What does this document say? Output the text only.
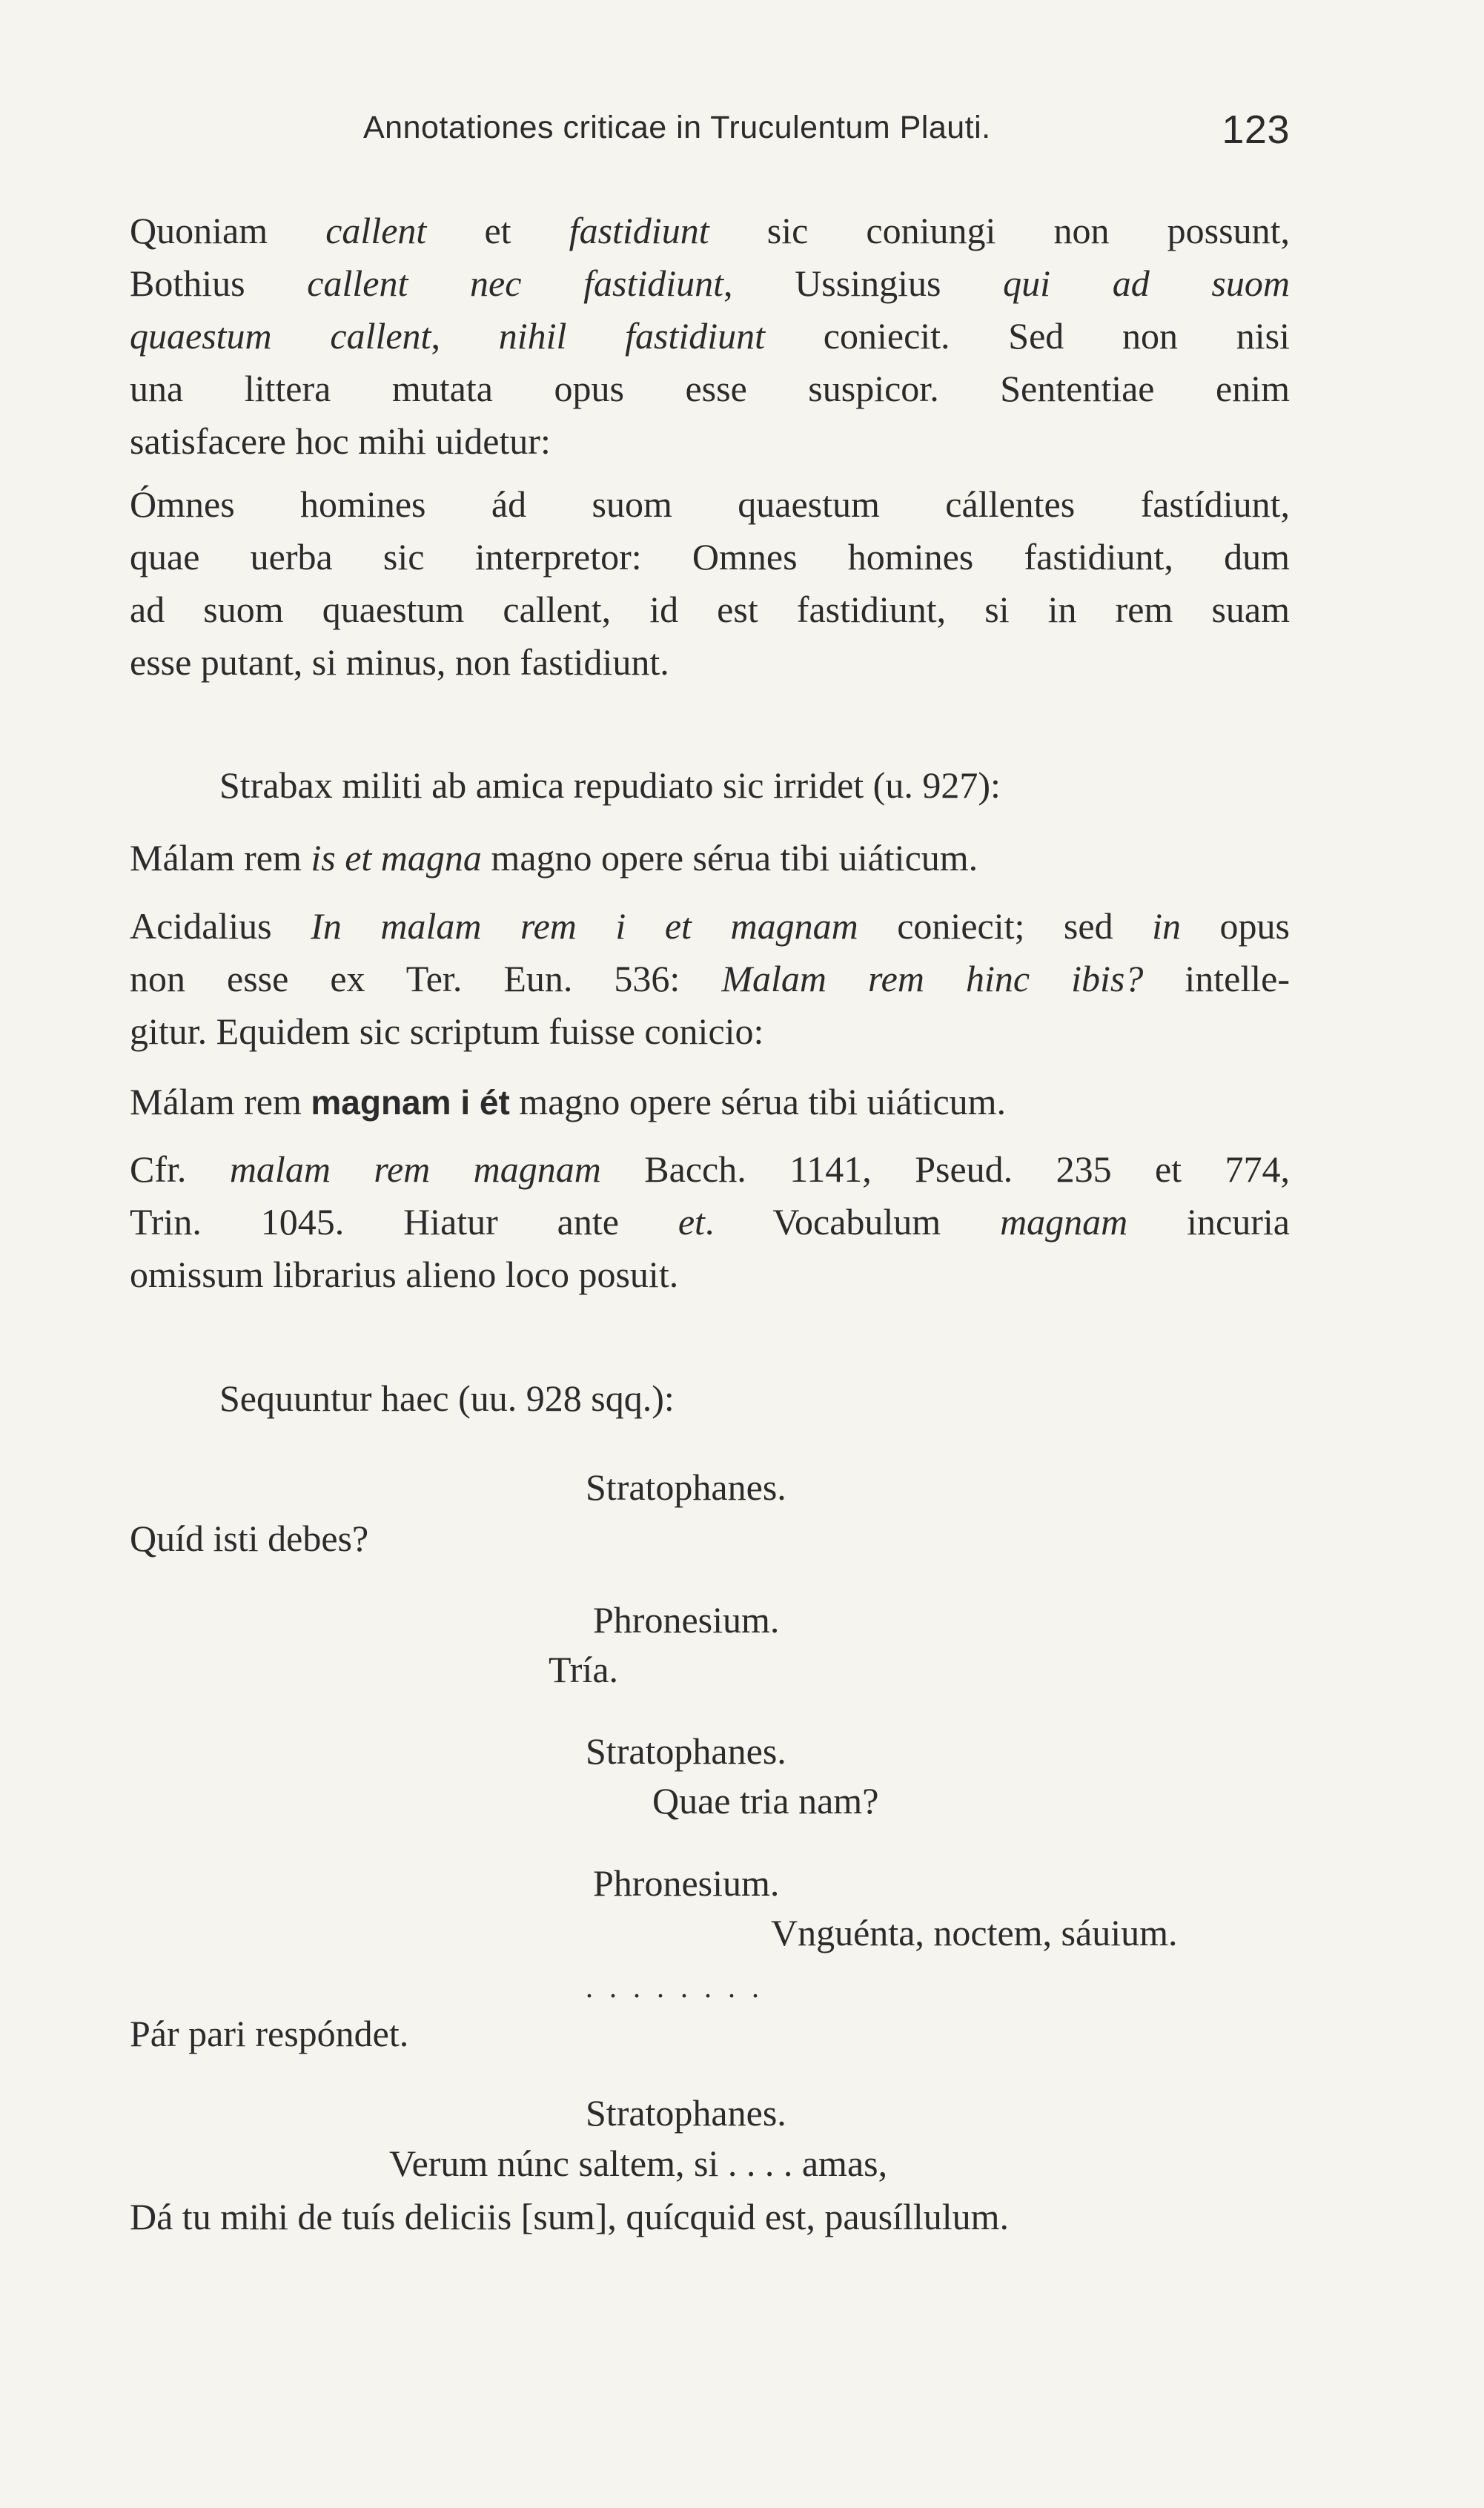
Annotationes criticae in Truculentum Plauti.	123
Quoniam callent et fastidiunt sic coniungi non possunt,
Bothius callent nec fastidiunt, Ussingius qui ad suom
quaestum callent, nihil fastidiunt coniecit. Sed non nisi
una littera mutata opus esse suspicor. Sententiae enim
satisfacere hoc mihi uidetur:
Ómnes homines ád suom quaestum cállentes fastídiunt,
quae uerba sic interpretor: Omnes homines fastidiunt, dum
ad suom quaestum callent, id est fastidiunt, si in rem suam
esse putant, si minus, non fastidiunt.
Strabax militi ab amica repudiato sic irridet (u. 927):
Málam rem is et magna magno opere sérua tibi uiáticum.
Acidalius In malam rem i et magnam coniecit; sed in opus
non esse ex Ter. Eun. 536: Malam rem hinc ibis? intelle-
gitur. Equidem sic scriptum fuisse conicio:
Málam rem magnam i ét magno opere sérua tibi uiáticum.
Cfr. malam rem magnam Bacch. 1141, Pseud. 235 et 774,
Trin. 1045. Hiatur ante et. Vocabulum magnam incuria
omissum librarius alieno loco posuit.
Sequuntur haec (uu. 928 sqq.):
Stratophanes.
Quíd isti debes?
Phronesium.
Tría.
Stratophanes.
Quae tria nam?
Phronesium.
Vnguénta, noctem, sáuium.
. . . . . . . .
Pár pari respóndet.
Stratophanes.
Verum núnc saltem, si . . . . amas,
Dá tu mihi de tuís deliciis [sum], quícquid est, pausíllulum.
